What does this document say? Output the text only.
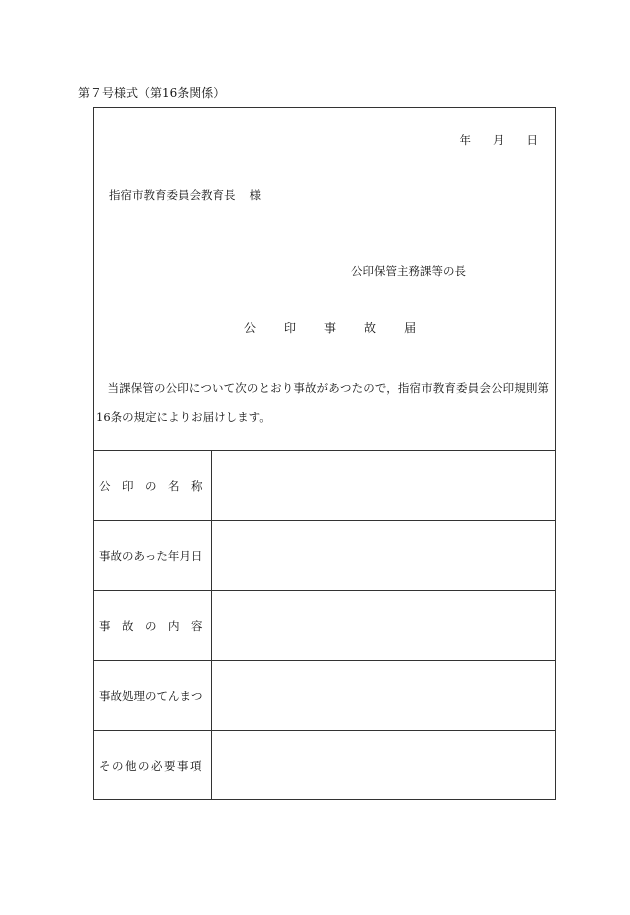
第７号様式（第16条関係）
年 月 日
指宿市教育委員会教育長 様
公印保管主務課等の長
公 印 事 故 届
当課保管の公印について次のとおり事故があつたので，指宿市教育委員会公印規則第16条の規定によりお届けします。
公　印　の　名　称
事故のあった年月日
事　故　の　内　容
事故処理のてんまつ
その他の必要事項
